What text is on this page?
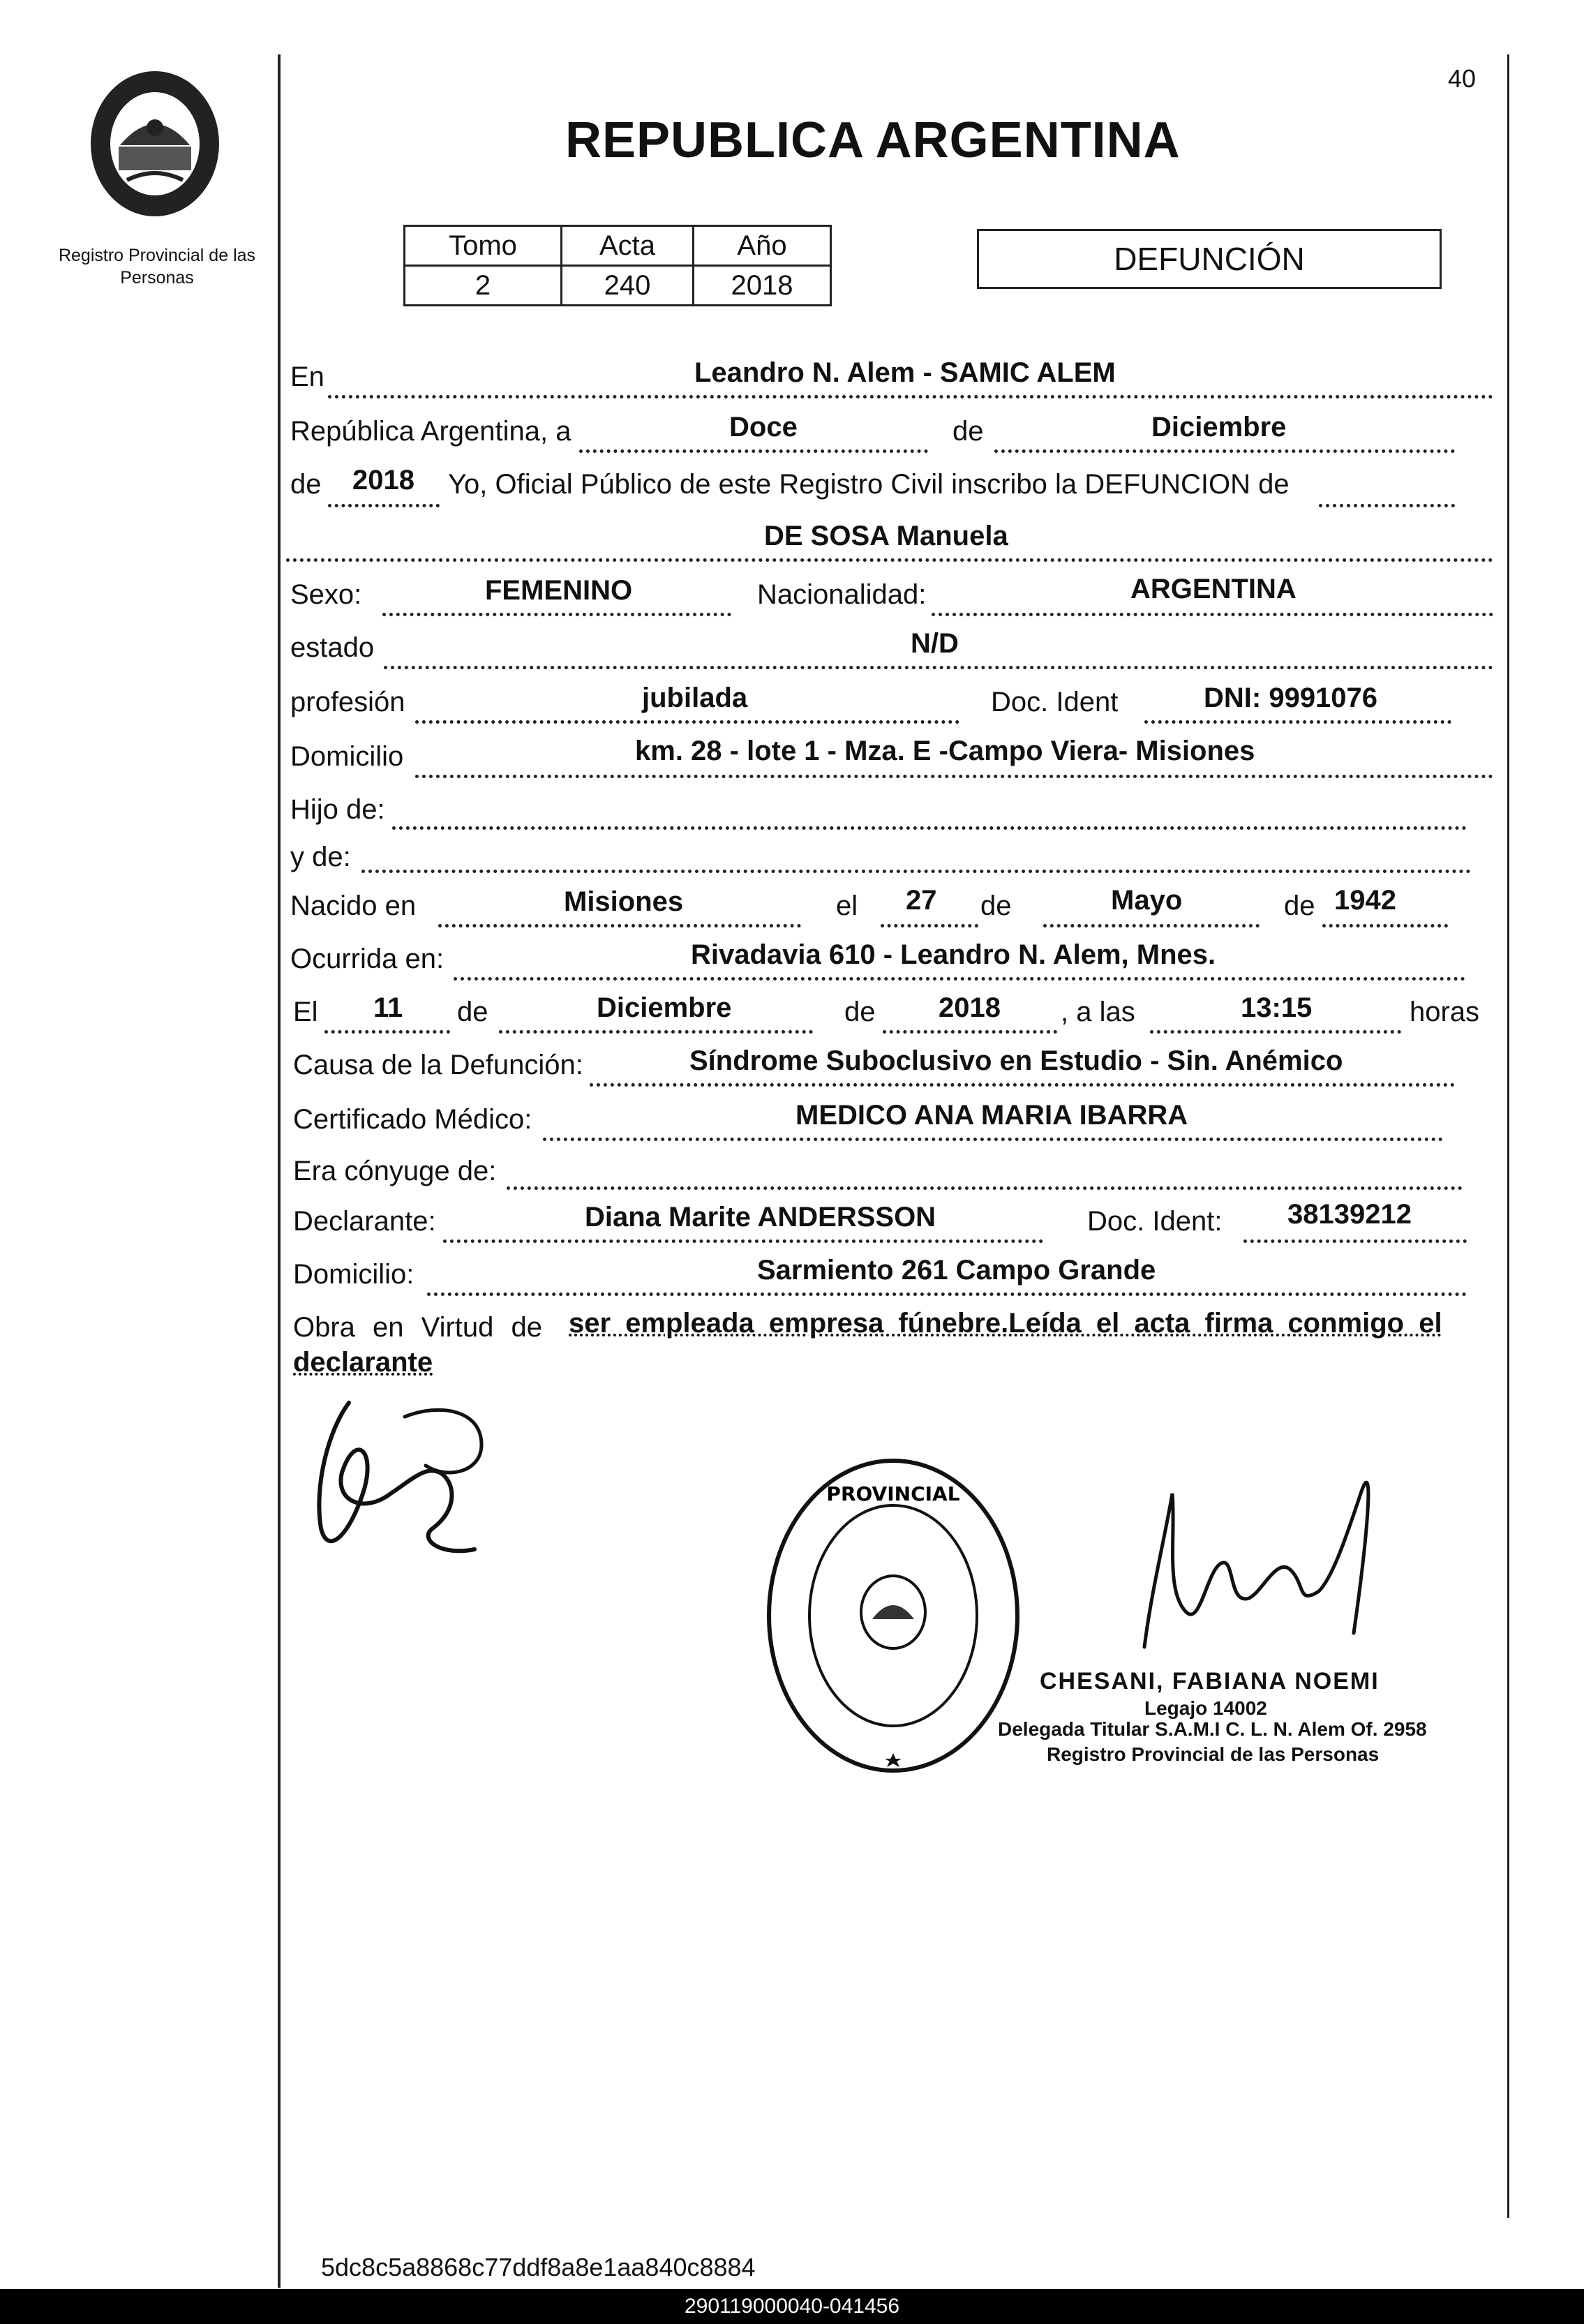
Registro Provincial de las Personas
40
REPUBLICA ARGENTINA
Tomo	Acta	Año
2	240	2018
DEFUNCIÓN
En	Leandro N. Alem - SAMIC ALEM
República Argentina, a	Doce	de	Diciembre
de 2018 Yo, Oficial Público de este Registro Civil inscribo la DEFUNCION de
DE SOSA Manuela
Sexo:	FEMENINO	Nacionalidad:	ARGENTINA
estado	N/D
profesión	jubilada	Doc. Ident	DNI: 9991076
Domicilio	km. 28 - lote 1 - Mza. E -Campo Viera- Misiones
Hijo de:
y de:
Nacido en	Misiones	el 27 de	Mayo	de 1942
Ocurrida en:	Rivadavia 610 - Leandro N. Alem, Mnes.
El 11 de	Diciembre	de 2018 , a las	13:15	horas
Causa de la Defunción:	Síndrome Suboclusivo en Estudio - Sin. Anémico
Certificado Médico:	MEDICO ANA MARIA IBARRA
Era cónyuge de:
Declarante:	Diana Marite ANDERSSON	Doc. Ident: 38139212
Domicilio:	Sarmiento 261 Campo Grande
Obra en Virtud de ser empleada empresa fúnebre.Leída el acta firma conmigo el
declarante
PROVINCIAL
CHESANI, FABIANA NOEMI
Legajo 14002
Delegada Titular S.A.M.I C. L. N. Alem Of. 2958
Registro Provincial de las Personas
5dc8c5a8868c77ddf8a8e1aa840c8884
290119000040-041456
